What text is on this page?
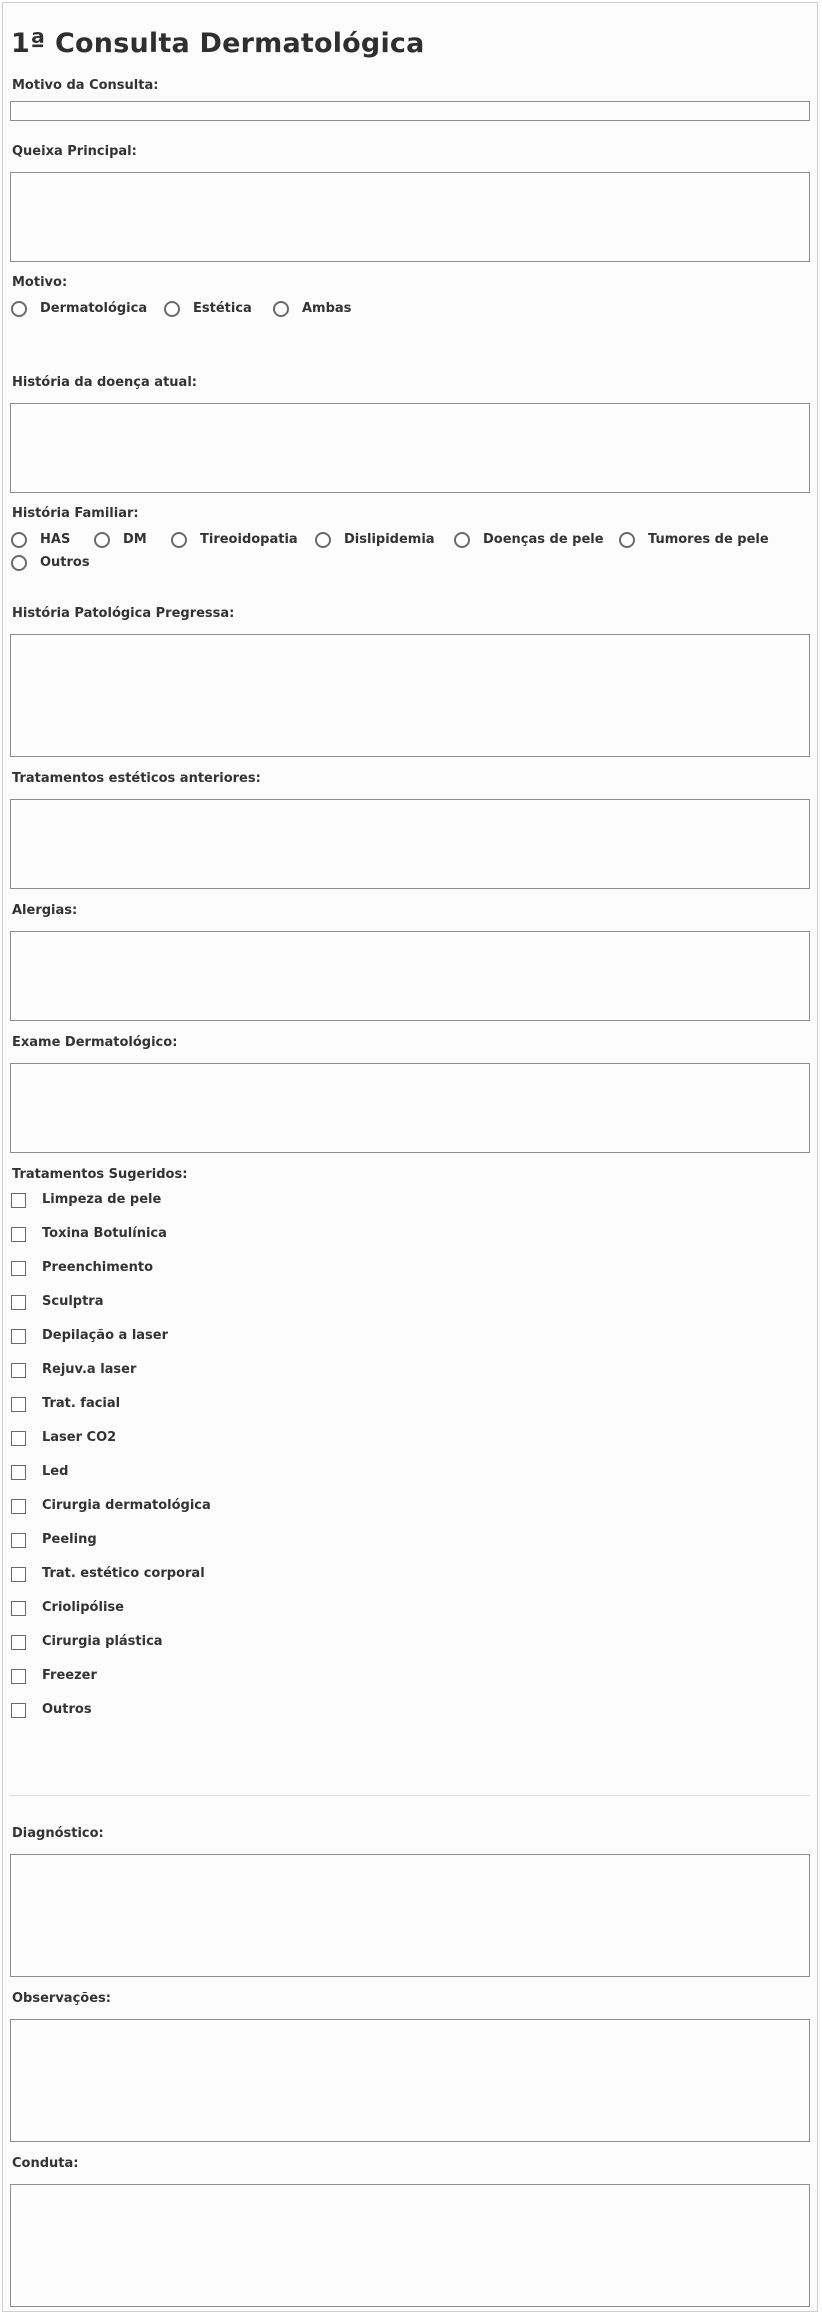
1ª Consulta Dermatológica
Motivo da Consulta:
Queixa Principal:
Motivo:
Dermatológica	Estética	Ambas
História da doença atual:
História Familiar:
HAS	DM	Tireoidopatia	Dislipidemia	Doenças de pele	Tumores de pele
Outros
História Patológica Pregressa:
Tratamentos estéticos anteriores:
Alergias:
Exame Dermatológico:
Tratamentos Sugeridos:
Limpeza de pele
Toxina Botulínica
Preenchimento
Sculptra
Depilação a laser
Rejuv.a laser
Trat. facial
Laser CO2
Led
Cirurgia dermatológica
Peeling
Trat. estético corporal
Criolipólise
Cirurgia plástica
Freezer
Outros
Diagnóstico:
Observações:
Conduta:
